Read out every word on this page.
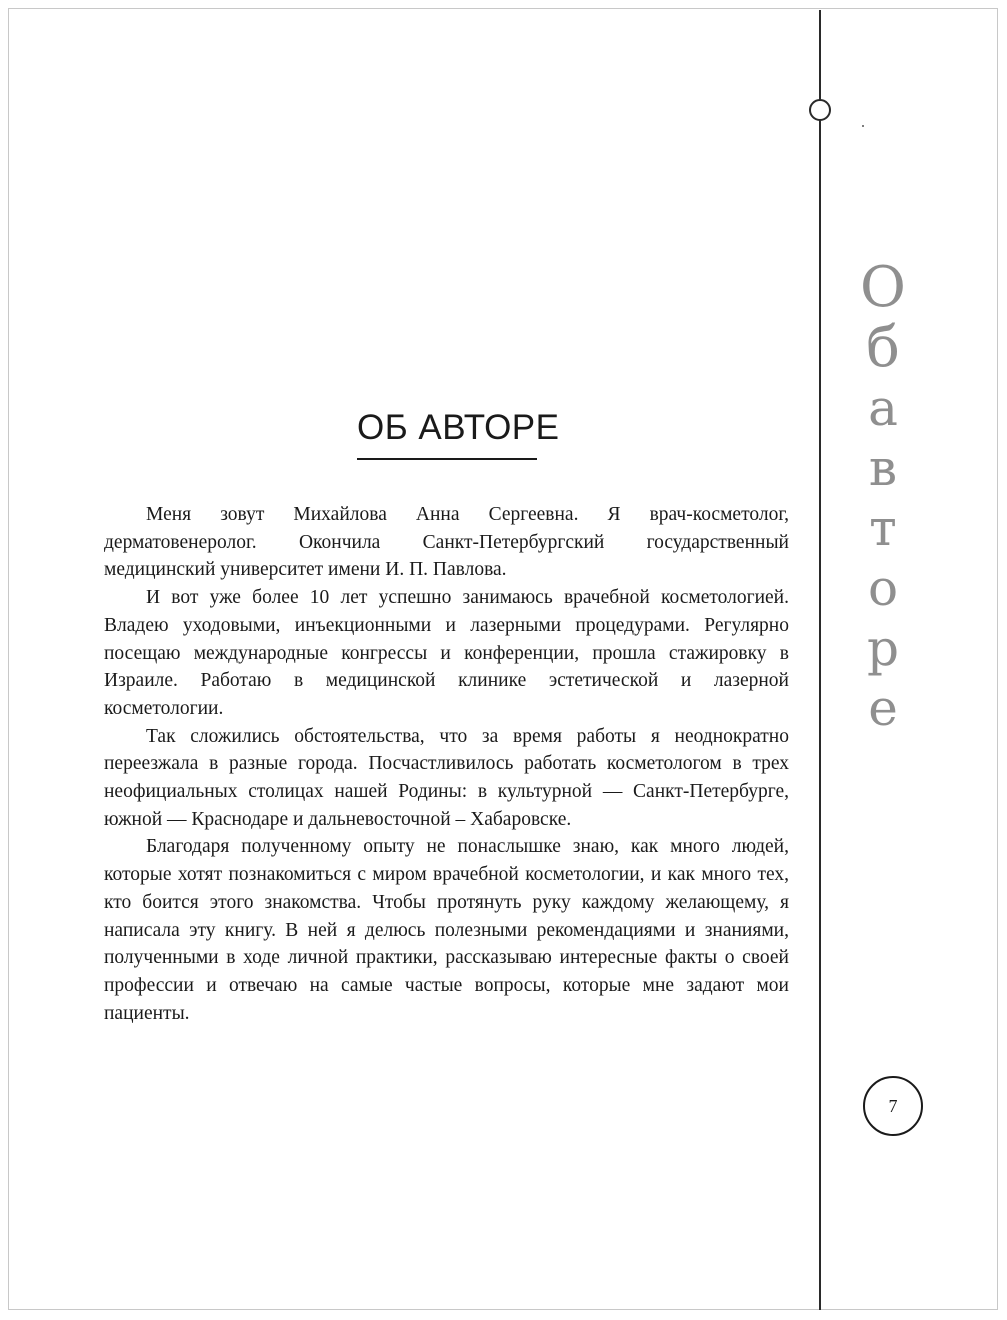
О
б
а
в
т
о
р
е
ОБ АВТОРЕ

Меня зовут Михайлова Анна Сергеевна. Я врач-косметолог, дерматовенеролог. Окончила Санкт-Петербургский государственный медицинский университет имени И. П. Павлова.

И вот уже более 10 лет успешно занимаюсь врачебной косметологией. Владею уходовыми, инъекционными и лазерными процедурами. Регулярно посещаю международные конгрессы и конференции, прошла стажировку в Израиле. Работаю в медицинской клинике эстетической и лазерной косметологии.

Так сложились обстоятельства, что за время работы я неоднократно переезжала в разные города. Посчастливилось работать косметологом в трех неофициальных столицах нашей Родины: в культурной — Санкт-Петербурге, южной — Краснодаре и дальневосточной – Хабаровске.

Благодаря полученному опыту не понаслышке знаю, как много людей, которые хотят познакомиться с миром врачебной косметологии, и как много тех, кто боится этого знакомства. Чтобы протянуть руку каждому желающему, я написала эту книгу. В ней я делюсь полезными рекомендациями и знаниями, полученными в ходе личной практики, рассказываю интересные факты о своей профессии и отвечаю на самые частые вопросы, которые мне задают мои пациенты.

7
